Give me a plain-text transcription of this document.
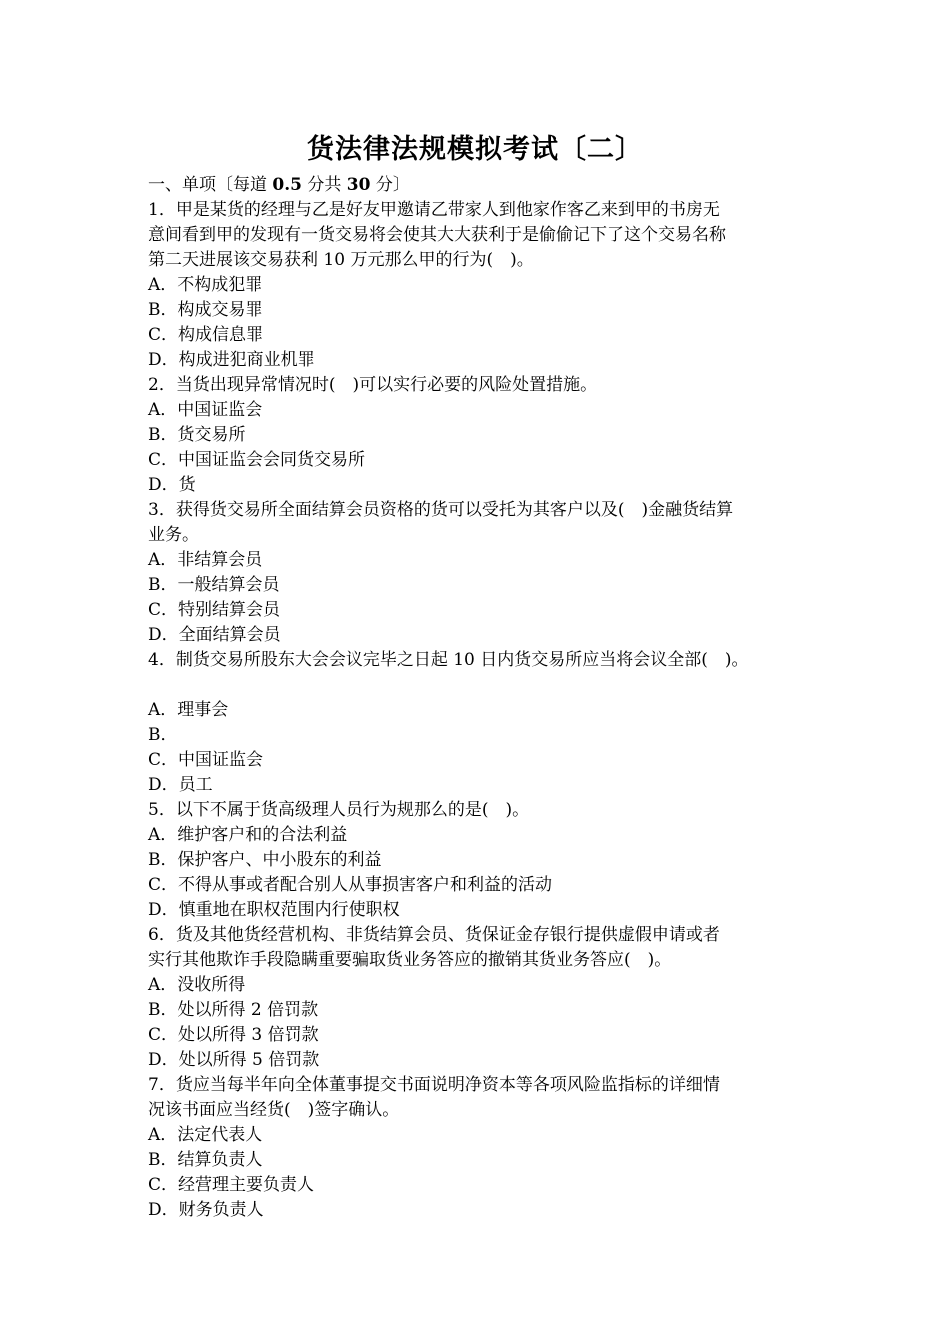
货法律法规模拟考试〔二〕
一、单项〔每道 0.5 分共 30 分〕
1．甲是某货的经理与乙是好友甲邀请乙带家人到他家作客乙来到甲的书房无
意间看到甲的发现有一货交易将会使其大大获利于是偷偷记下了这个交易名称
第二天进展该交易获利 10 万元那么甲的行为(　)。
A．不构成犯罪
B．构成交易罪
C．构成信息罪
D．构成进犯商业机罪
2．当货出现异常情况时(　)可以实行必要的风险处置措施。
A．中国证监会
B．货交易所
C．中国证监会会同货交易所
D．货
3．获得货交易所全面结算会员资格的货可以受托为其客户以及(　)金融货结算
业务。
A．非结算会员
B．一般结算会员
C．特别结算会员
D．全面结算会员
4．制货交易所股东大会会议完毕之日起 10 日内货交易所应当将会议全部(　)。
A．理事会
B．
C．中国证监会
D．员工
5．以下不属于货高级理人员行为规那么的是(　)。
A．维护客户和的合法利益
B．保护客户、中小股东的利益
C．不得从事或者配合别人从事损害客户和利益的活动
D．慎重地在职权范围内行使职权
6．货及其他货经营机构、非货结算会员、货保证金存银行提供虚假申请或者
实行其他欺诈手段隐瞒重要骗取货业务答应的撤销其货业务答应(　)。
A．没收所得
B．处以所得 2 倍罚款
C．处以所得 3 倍罚款
D．处以所得 5 倍罚款
7．货应当每半年向全体董事提交书面说明净资本等各项风险监指标的详细情
况该书面应当经货(　)签字确认。
A．法定代表人
B．结算负责人
C．经营理主要负责人
D．财务负责人
